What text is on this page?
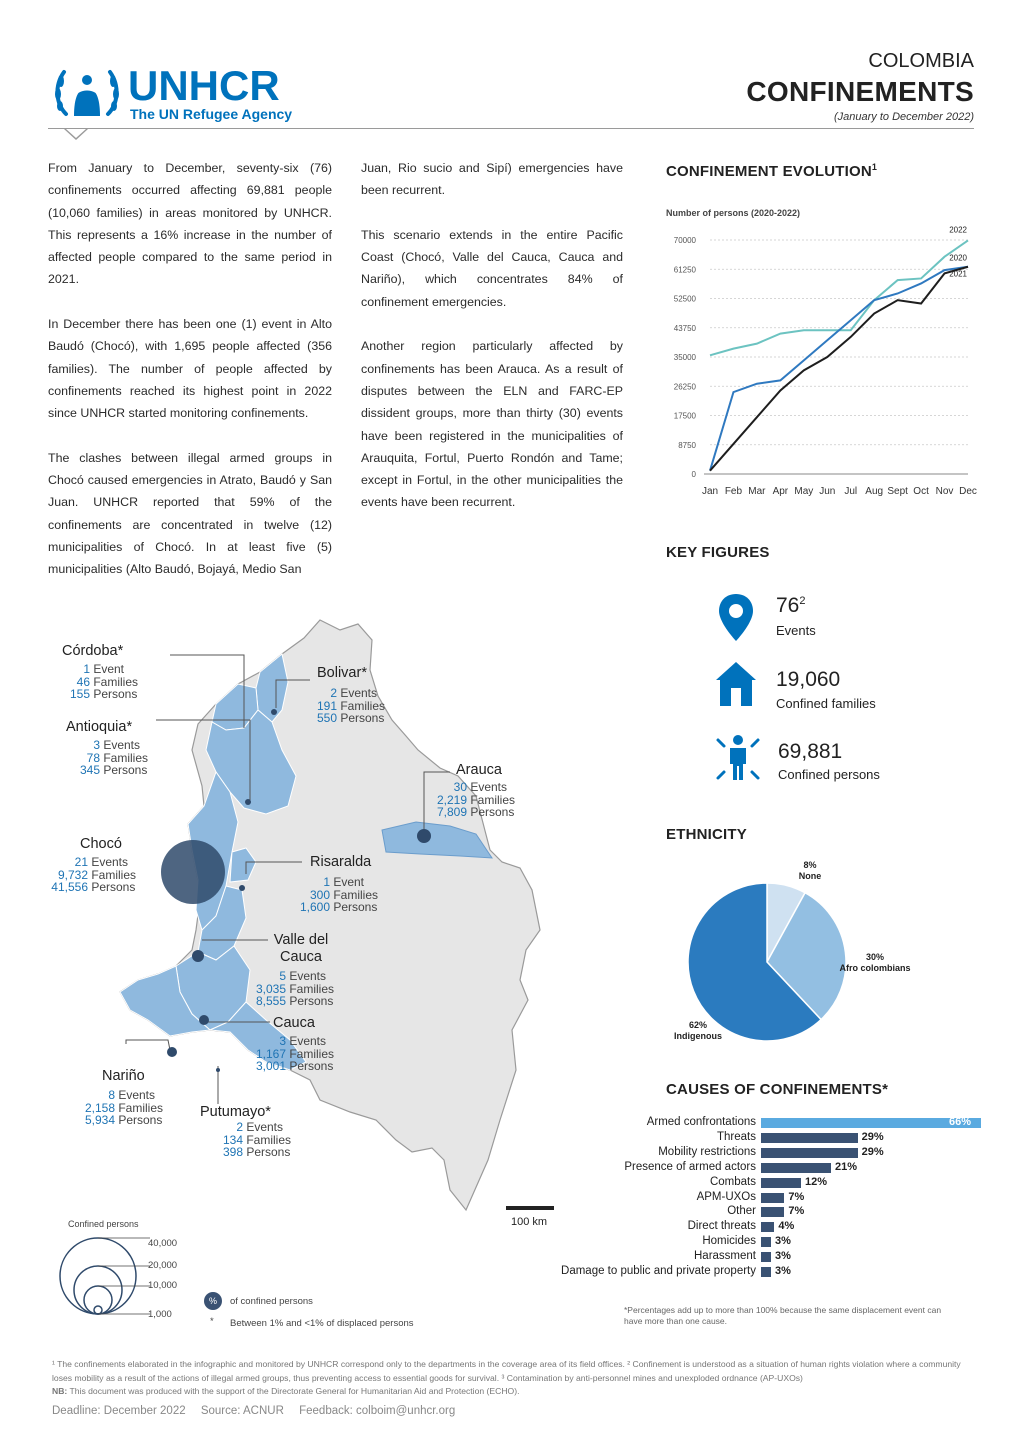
UNHCR
The UN Refugee Agency
COLOMBIA
CONFINEMENTS
(January to December 2022)

From January to December, seventy-six (76) confinements occurred affecting 69,881 people (10,060 families) in areas monitored by UNHCR. This represents a 16% increase in the number of affected people compared to the same period in 2021.

In December there has been one (1) event in Alto Baudó (Chocó), with 1,695 people affected (356 families). The number of people affected by confinements reached its highest point in 2022 since UNHCR started monitoring confinements.

The clashes between illegal armed groups in Chocó caused emergencies in Atrato, Baudó y San Juan. UNHCR reported that 59% of the confinements are concentrated in twelve (12) municipalities of Chocó. In at least five (5) municipalities (Alto Baudó, Bojayá, Medio San

Juan, Rio sucio and Sipí) emergencies have been recurrent.

This scenario extends in the entire Pacific Coast (Chocó, Valle del Cauca, Cauca and Nariño), which concentrates 84% of confinement emergencies.

Another region particularly affected by confinements has been Arauca. As a result of disputes between the ELN and FARC-EP dissident groups, more than thirty (30) events have been registered in the municipalities of Arauquita, Fortul, Puerto Rondón and Tame; except in Fortul, in the other municipalities the events have been recurrent.

CONFINEMENT EVOLUTION$^1$
Number of persons (2020-2022)
0
8750
17500
26250
35000
43750
52500
61250
70000
Jan Feb Mar Apr May Jun Jul Aug Sept Oct Nov Dec
2022
2020
2021
KEY FIGURES
$76^2$
Events
19,060
Confined families
69,881
Confined persons
ETHNICITY
8%
None
30%
Afro colombians
62%
Indigenous
CAUSES OF CONFINEMENTS*
Armed confrontations	66%
Threats	29%
Mobility restrictions	29%
Presence of armed actors	21%
Combats	12%
APM-UXOs	7%
Other	7%
Direct threats 4%
Homicides 3%
Harassment 3%
Damage to public and private property 3%
*Percentages add up to more than 100% because the same displacement event can have more than one cause.
100 km
Córdoba*
1 Event
46 Families
155 Persons
Bolivar*
2 Events
191 Families
550 Persons
Antioquia*
3 Events
78 Families
345 Persons	Arauca
30 Events
2,219 Families
7,809 Persons
Chocó
21 Events
9,732 Families
41,556 Persons
Risaralda
1 Event
300 Families
1,600 Persons
Valle del Cauca
5 Events
3,035 Families
8,555 Persons
Cauca
3 Events
1,167 Families
3,001 Persons
Nariño
8 Events
2,158 Families
5,934 Persons
Putumayo*
2 Events
134 Families
398 Persons
Confined persons
40,000
20,000
10,000
1,000
%	of confined persons
* Between 1% and <1% of displaced persons
¹ The confinements elaborated in the infographic and monitored by UNHCR correspond only to the departments in the coverage area of its field offices. ² Confinement is understood as a situation of human rights violation where a community loses mobility as a result of the actions of illegal armed groups, thus preventing access to essential goods for survival. ³ Contamination by anti-personnel mines and unexploded ordnance (AP-UXOs)
NB: This document was produced with the support of the Directorate General for Humanitarian Aid and Protection (ECHO).
Deadline: December 2022 Source: ACNUR Feedback: colboim@unhcr.org
